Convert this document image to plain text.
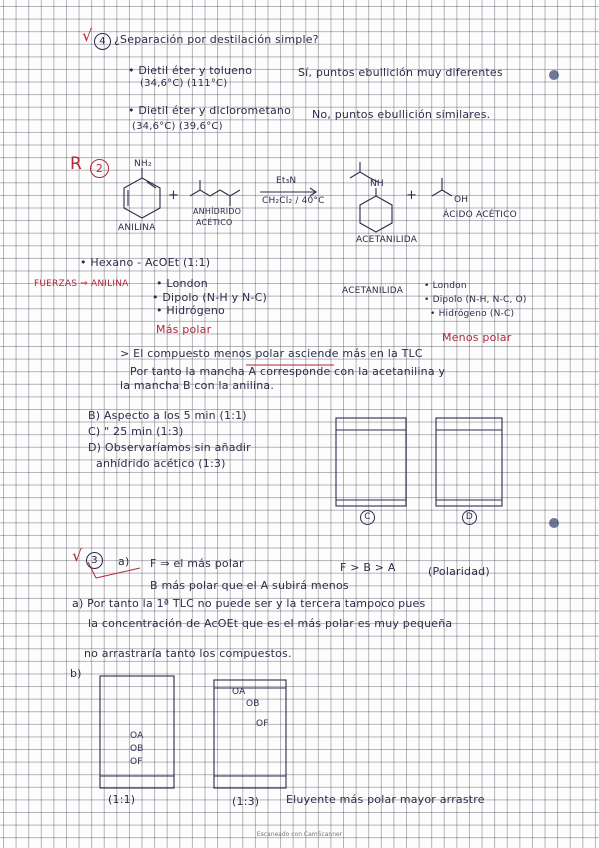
√ 4 ¿Separación por destilación simple?
• Dietil éter y tolueno
(34,6°C) (111°C)
Sí, puntos ebullición muy diferentes
• Dietil éter y diclorometano
(34,6°C) (39,6°C)
No, puntos ebullición similares.
R	2	NH₂
+
Et₃N
CH₂Cl₂ / 40°C
NH
+	OH
ANILINA
ANHÍDRIDO
ACÉTICO
ACETANILIDA
ÁCIDO ACÉTICO
• Hexano - AcOEt (1:1)
FUERZAS ⇒ ANILINA • London
• Dipolo (N-H y N-C)
• Hidrógeno
Más polar
ACETANILIDA • London
• Dipolo (N-H, N-C, O)
• Hidrógeno (N-C)
Menos polar
> El compuesto menos polar asciende más en la TLC
Por tanto la mancha A corresponde con la acetanilina y
la mancha B con la anilina.
B) Aspecto a los 5 min (1:1)
C) " 25 min (1:3)
D) Observaríamos sin añadir
anhídrido acético (1:3)
C	D
√ 3	a) F ⇒ el más polar	F > B > A	(Polaridad)
B más polar que el A subirá menos
a) Por tanto la 1ª TLC no puede ser y la tercera tampoco pues
la concentración de AcOEt que es el más polar es muy pequeña
no arrastraría tanto los compuestos.
b)
OA
OB
OF
OA
OB
OF
(1:1)	(1:3) Eluyente más polar mayor arrastre
Escaneado con CamScanner
